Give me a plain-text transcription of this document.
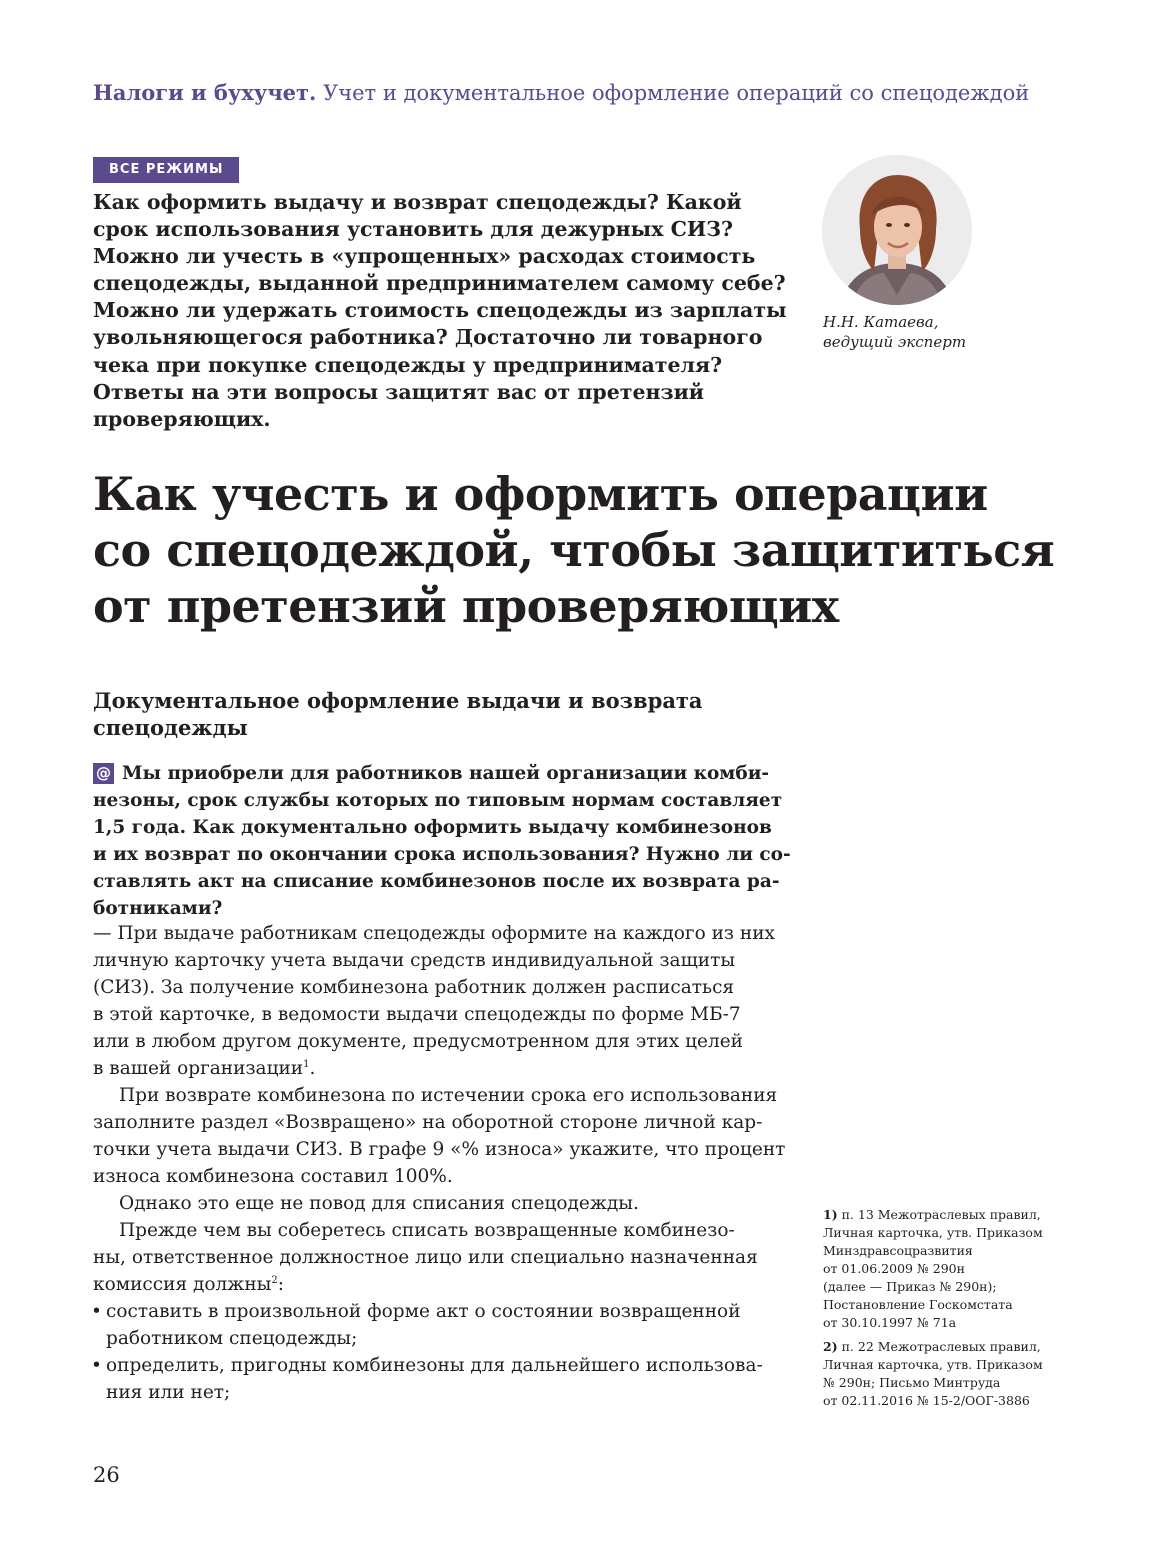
Налоги и бухучет. Учет и документальное оформление операций со спецодеждой
ВСЕ РЕЖИМЫ
Как оформить выдачу и возврат спецодежды? Какой
срок использования установить для дежурных СИЗ?
Можно ли учесть в «упрощенных» расходах стоимость
спецодежды, выданной предпринимателем самому себе?
Можно ли удержать стоимость спецодежды из зарплаты
увольняющегося работника? Достаточно ли товарного
чека при покупке спецодежды у предпринимателя?
Ответы на эти вопросы защитят вас от претензий
проверяющих.
Н.Н. Катаева,
ведущий эксперт
Как учесть и оформить операции
со спецодеждой, чтобы защититься
от претензий проверяющих
Документальное оформление выдачи и возврата
спецодежды
@ Мы приобрели для работников нашей организации комби-
незоны, срок службы которых по типовым нормам составляет
1,5 года. Как документально оформить выдачу комбинезонов
и их возврат по окончании срока использования? Нужно ли со-
ставлять акт на списание комбинезонов после их возврата ра-
ботниками?
— При выдаче работникам спецодежды оформите на каждого из них
личную карточку учета выдачи средств индивидуальной защиты
(СИЗ). За получение комбинезона работник должен расписаться
в этой карточке, в ведомости выдачи спецодежды по форме МБ-7
или в любом другом документе, предусмотренном для этих целей
в вашей организации$^1$.
При возврате комбинезона по истечении срока его использования
заполните раздел «Возвращено» на оборотной стороне личной кар-
точки учета выдачи СИЗ. В графе 9 «% износа» укажите, что процент
износа комбинезона составил 100%.
Однако это еще не повод для списания спецодежды.
Прежде чем вы соберетесь списать возвращенные комбинезо-
ны, ответственное должностное лицо или специально назначенная
комиссия должны$^2$:
• составить в произвольной форме акт о состоянии возвращенной
работником спецодежды;
• определить, пригодны комбинезоны для дальнейшего использова-
ния или нет;
1) п. 13 Межотраслевых правил,
Личная карточка, утв. Приказом
Минздравсоцразвития
от 01.06.2009 № 290н
(далее — Приказ № 290н);
Постановление Госкомстата
от 30.10.1997 № 71а
2) п. 22 Межотраслевых правил,
Личная карточка, утв. Приказом
№ 290н; Письмо Минтруда
от 02.11.2016 № 15-2/ООГ-3886
26
